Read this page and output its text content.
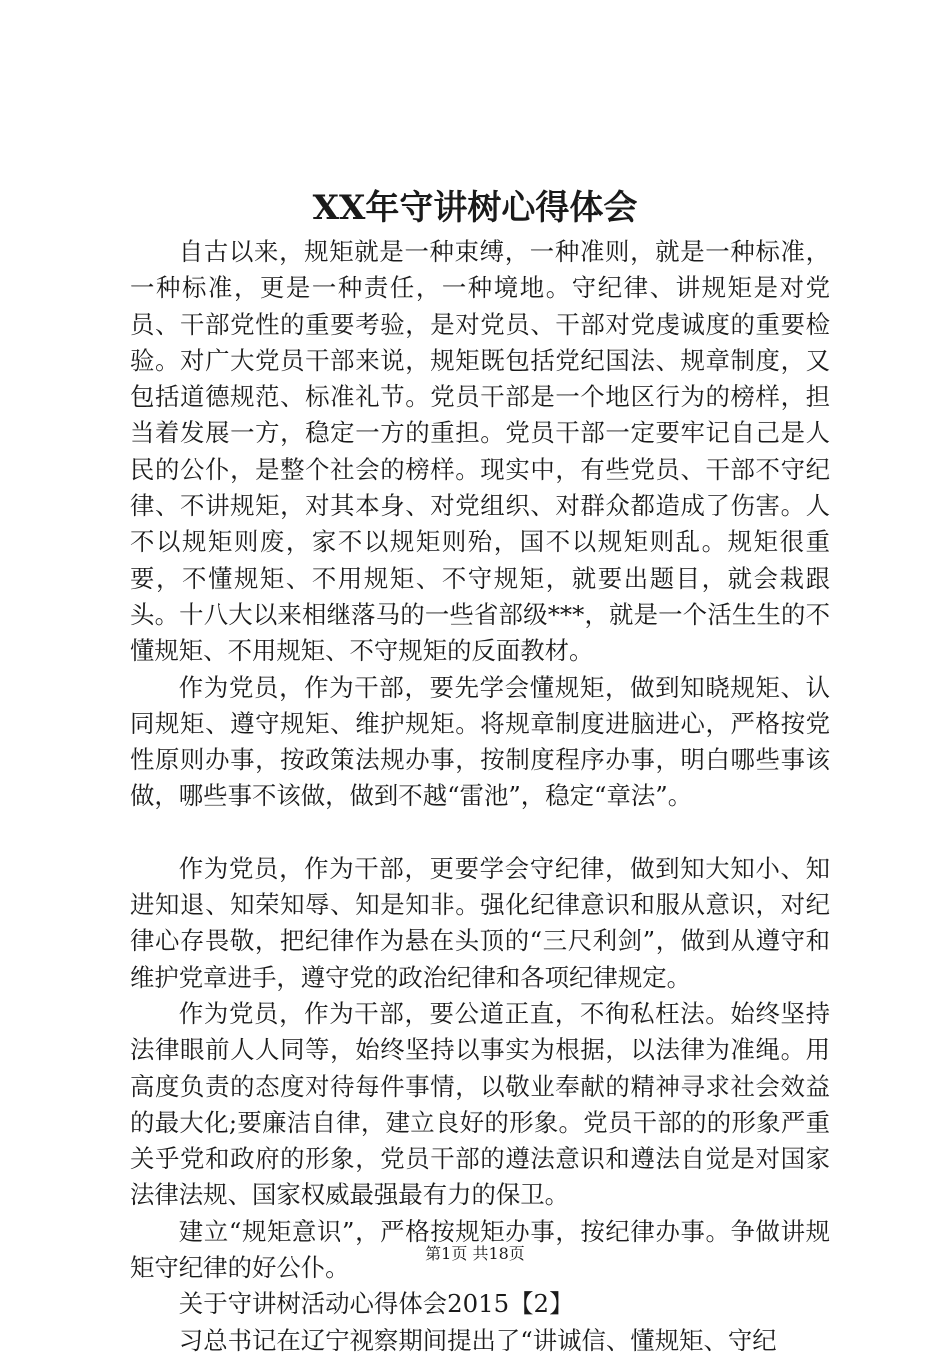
XX年守讲树心得体会

自古以来，规矩就是一种束缚，一种准则，就是一种标准，一种标准，更是一种责任，一种境地。守纪律、讲规矩是对党员、干部党性的重要考验，是对党员、干部对党虔诚度的重要检验。对广大党员干部来说，规矩既包括党纪国法、规章制度，又包括道德规范、标准礼节。党员干部是一个地区行为的榜样，担当着发展一方，稳定一方的重担。党员干部一定要牢记自己是人民的公仆，是整个社会的榜样。现实中，有些党员、干部不守纪律、不讲规矩，对其本身、对党组织、对群众都造成了伤害。人不以规矩则废，家不以规矩则殆，国不以规矩则乱。规矩很重要，不懂规矩、不用规矩、不守规矩，就要出题目，就会栽跟头。十八大以来相继落马的一些省部级***，就是一个活生生的不懂规矩、不用规矩、不守规矩的反面教材。

作为党员，作为干部，要先学会懂规矩，做到知晓规矩、认同规矩、遵守规矩、维护规矩。将规章制度进脑进心，严格按党性原则办事，按政策法规办事，按制度程序办事，明白哪些事该做，哪些事不该做，做到不越“雷池”，稳定“章法”。

作为党员，作为干部，更要学会守纪律，做到知大知小、知进知退、知荣知辱、知是知非。强化纪律意识和服从意识，对纪律心存畏敬，把纪律作为悬在头顶的“三尺利剑”，做到从遵守和维护党章进手，遵守党的政治纪律和各项纪律规定。

作为党员，作为干部，要公道正直，不徇私枉法。始终坚持法律眼前人人同等，始终坚持以事实为根据，以法律为准绳。用高度负责的态度对待每件事情，以敬业奉献的精神寻求社会效益的最大化;要廉洁自律，建立良好的形象。党员干部的的形象严重关乎党和政府的形象，党员干部的遵法意识和遵法自觉是对国家法律法规、国家权威最强最有力的保卫。

建立“规矩意识”，严格按规矩办事，按纪律办事。争做讲规矩守纪律的好公仆。

关于守讲树活动心得体会2015【2】

习总书记在辽宁视察期间提出了“讲诚信、懂规矩、守纪

第1页 共18页
